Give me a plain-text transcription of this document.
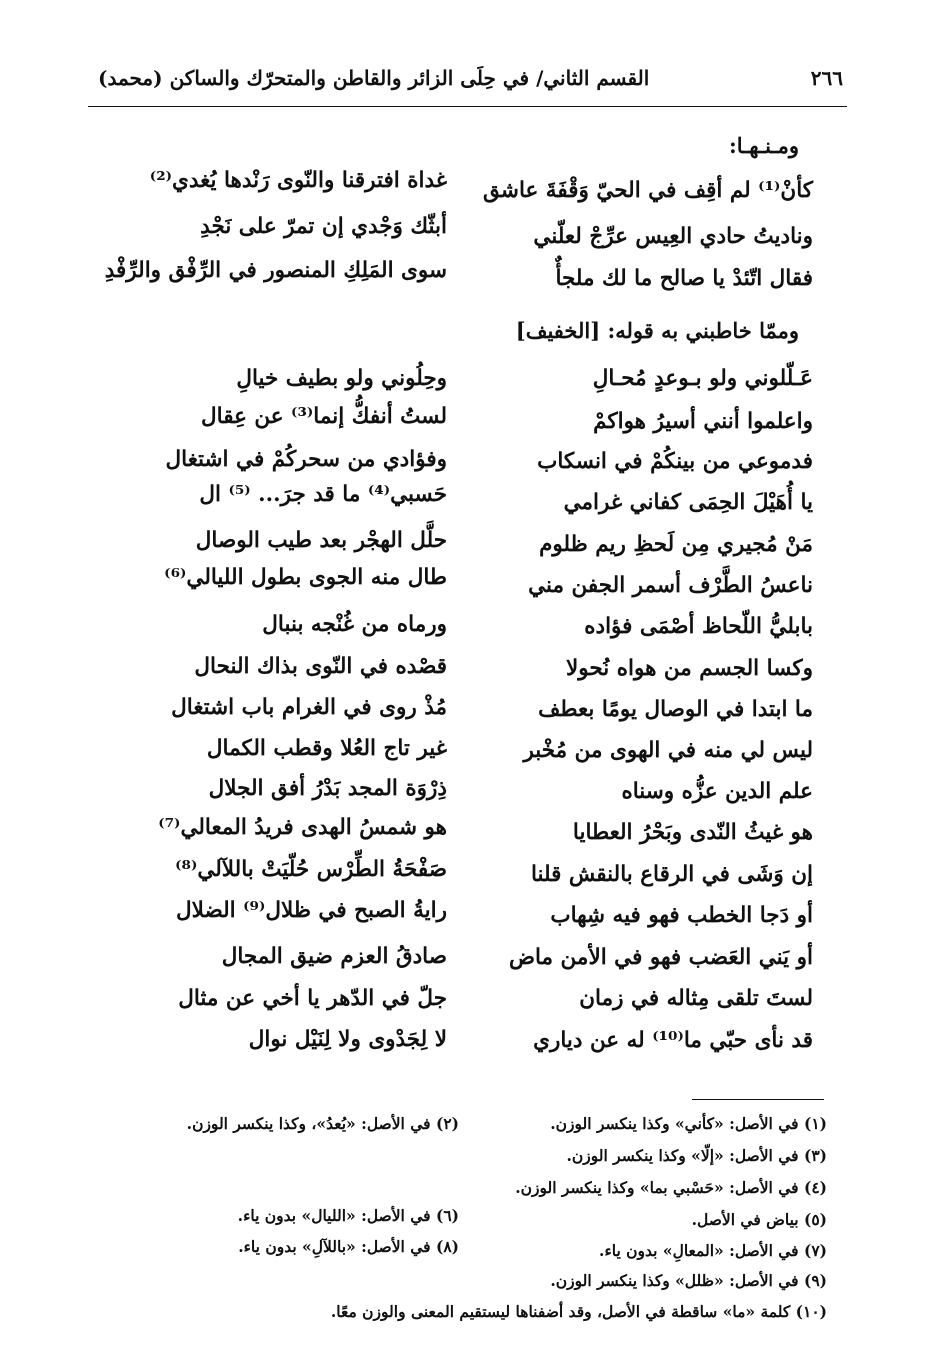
٢٦٦
القسم الثاني/ في حِلَى الزائر والقاطن والمتحرّك والساكن (محمد)
ومـنـهـا:
كأنْ⁽¹⁾ لم أقِف في الحيّ وَقْفَةَ عاشق
غداة افترقنا والنّوى رَنْدها يُغدي⁽²⁾
وناديتُ حادي العِيس عرِّجْ لعلّني
أبثّك وَجْدي إن تمرّ على نَجْدِ
فقال اتّئدْ يا صالح ما لك ملجأٌ
سوى المَلِكِ المنصور في الرِّفْق والرِّفْدِ
وممّا خاطبني به قوله: [الخفيف]
عَـلّلوني ولو بـوعدٍ مُحـالِ
وحِلُوني ولو بطيف خيالِ
واعلموا أنني أسيرُ هواكمْ
لستُ أنفكُّ إنما⁽³⁾ عن عِقال
فدموعي من بينكُمْ في انسكاب
وفؤادي من سحركُمْ في اشتغال
يا أُهَيْلَ الحِمَى كفاني غرامي
حَسبي⁽⁴⁾ ما قد جرَ... ⁽⁵⁾ ال
مَنْ مُجيري مِن لَحظِ ريم ظلوم
حلَّل الهجْر بعد طيب الوصال
ناعسُ الطَّرْف أسمر الجفن مني
طال منه الجوى بطول الليالي⁽⁶⁾
بابليُّ اللّحاظ أصْمَى فؤاده
ورماه من غُنْجه بنبال
وكسا الجسم من هواه نُحولا
قصْده في النّوى بذاك النحال
ما ابتدا في الوصال يومًا بعطف
مُذْ روى في الغرام باب اشتغال
ليس لي منه في الهوى من مُخْبر
غير تاج العُلا وقطب الكمال
علم الدين عزُّه وسناه
ذِرْوَة المجد بَدْرُ أفق الجلال
هو غيثُ النّدى وبَحْرُ العطايا
هو شمسُ الهدى فريدُ المعالي⁽⁷⁾
إن وَشَى في الرقاع بالنقش قلنا
صَفْحَةُ الطِّرْس حُلّيَتْ باللآلي⁽⁸⁾
أو دَجا الخطب فهو فيه شِهاب
رايةُ الصبح في ظلال⁽⁹⁾ الضلال
أو يَني العَضب فهو في الأمن ماض
صادقُ العزم ضيق المجال
لستَ تلقى مِثاله في زمان
جلّ في الدّهر يا أخي عن مثال
قد نأى حبّي ما⁽¹⁰⁾ له عن دياري
لا لِجَدْوى ولا لِنَيْل نوال
(١) في الأصل: «كأني» وكذا ينكسر الوزن.
(٢) في الأصل: «يُعدُ»، وكذا ينكسر الوزن.
(٣) في الأصل: «إلّا» وكذا ينكسر الوزن.
(٤) في الأصل: «حَسْبي بما» وكذا ينكسر الوزن.
(٥) بياض في الأصل.
(٦) في الأصل: «الليال» بدون ياء.
(٧) في الأصل: «المعالِ» بدون ياء.
(٨) في الأصل: «باللآلِ» بدون ياء.
(٩) في الأصل: «ظلل» وكذا ينكسر الوزن.
(١٠) كلمة «ما» ساقطة في الأصل، وقد أضفناها ليستقيم المعنى والوزن معًا.
